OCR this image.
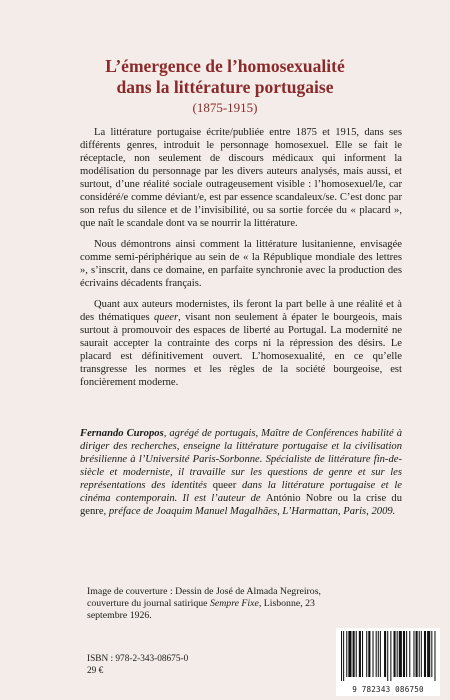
L’émergence de l’homosexualité
dans la littérature portugaise
(1875-1915)

La littérature portugaise écrite/publiée entre 1875 et 1915, dans ses différents genres, introduit le personnage homosexuel. Elle se fait le réceptacle, non seulement de discours médicaux qui informent la modélisation du personnage par les divers auteurs analysés, mais aussi, et surtout, d’une réalité sociale outrageusement visible : l’homosexuel/le, car considéré/e comme déviant/e, est par essence scandaleux/se. C’est donc par son refus du silence et de l’invisibilité, ou sa sortie forcée du « placard », que naît le scandale dont va se nourrir la littérature.

Nous démontrons ainsi comment la littérature lusitanienne, envisagée comme semi-périphérique au sein de « la République mondiale des lettres », s’inscrit, dans ce domaine, en parfaite synchronie avec la production des écrivains décadents français.

Quant aux auteurs modernistes, ils feront la part belle à une réalité et à des thématiques queer, visant non seulement à épater le bourgeois, mais surtout à promouvoir des espaces de liberté au Portugal. La modernité ne saurait accepter la contrainte des corps ni la répression des désirs. Le placard est définitivement ouvert. L’homosexualité, en ce qu’elle transgresse les normes et les règles de la société bourgeoise, est foncièrement moderne.

Fernando Curopos, agrégé de portugais, Maître de Conférences habilité à diriger des recherches, enseigne la littérature portugaise et la civilisation brésilienne à l’Université Paris-Sorbonne. Spécialiste de littérature fin-de-siècle et moderniste, il travaille sur les questions de genre et sur les représentations des identités queer dans la littérature portugaise et le cinéma contemporain. Il est l’auteur de António Nobre ou la crise du genre, préface de Joaquim Manuel Magalhães, L’Harmattan, Paris, 2009.
Image de couverture : Dessin de José de Almada Negreiros, couverture du journal satirique Sempre Fixe, Lisbonne, 23 septembre 1926.
ISBN : 978-2-343-08675-0
29 €
9 782343 086750
